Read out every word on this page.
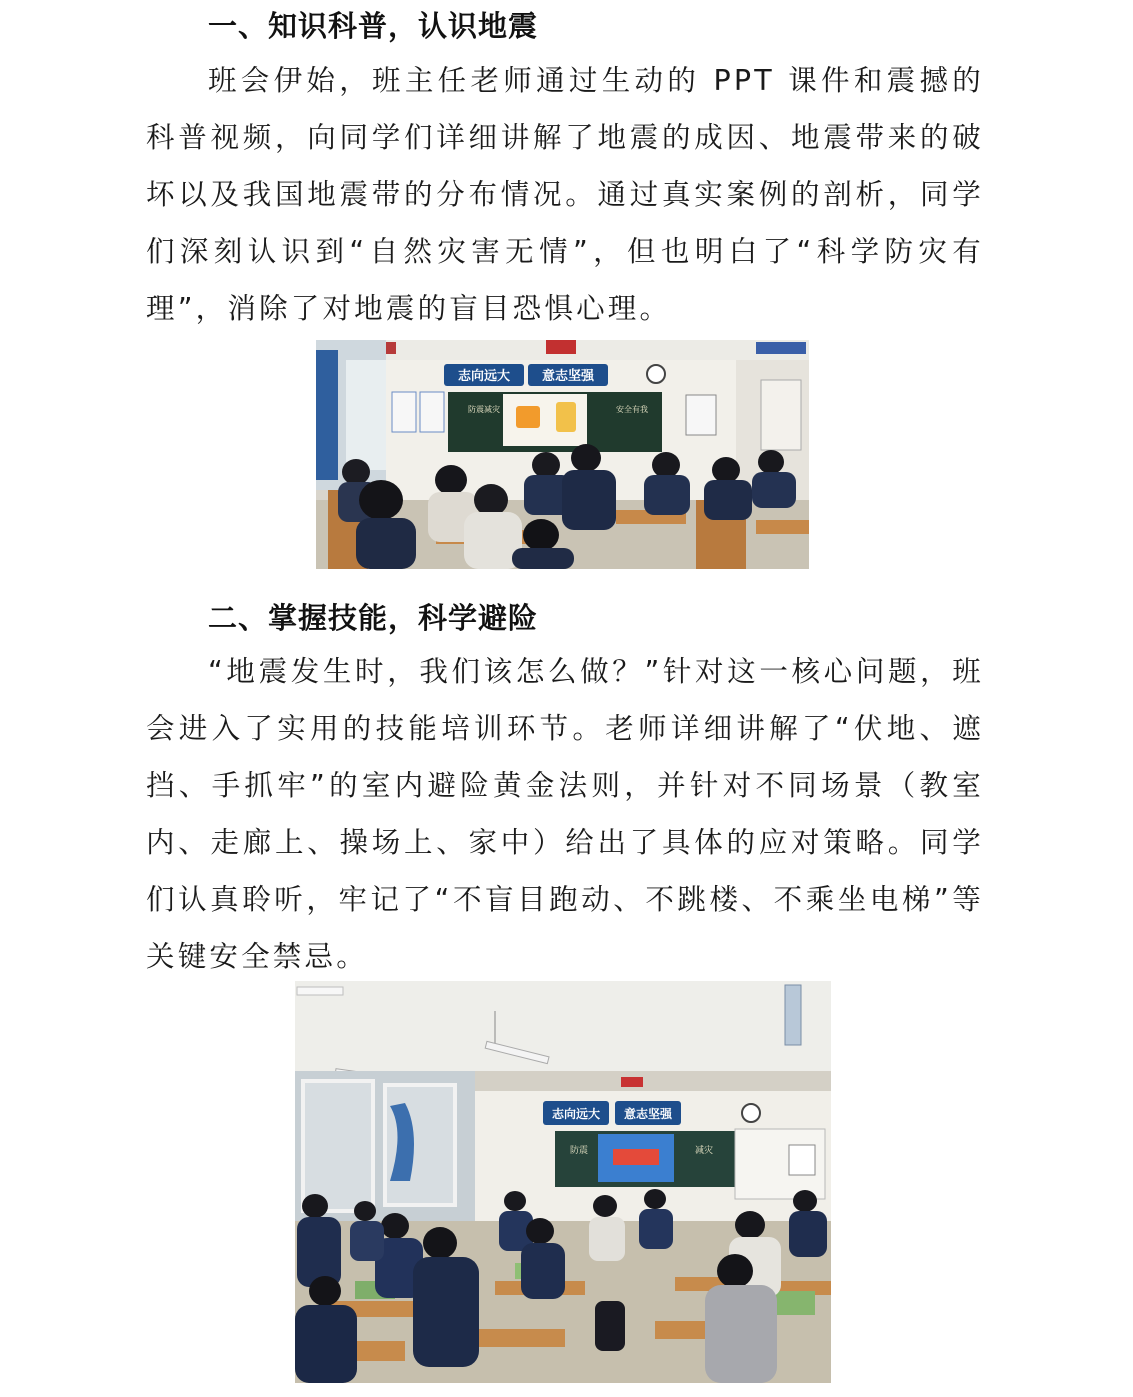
一、知识科普，认识地震

班会伊始，班主任老师通过生动的 PPT 课件和震撼的科普视频，向同学们详细讲解了地震的成因、地震带来的破坏以及我国地震带的分布情况。通过真实案例的剖析，同学们深刻认识到“自然灾害无情”，但也明白了“科学防灾有理”，消除了对地震的盲目恐惧心理。

志向远大 意志坚强
防震减灾	安全有我
二、掌握技能，科学避险

“地震发生时，我们该怎么做？”针对这一核心问题，班会进入了实用的技能培训环节。老师详细讲解了“伏地、遮挡、手抓牢”的室内避险黄金法则，并针对不同场景（教室内、走廊上、操场上、家中）给出了具体的应对策略。同学们认真聆听，牢记了“不盲目跑动、不跳楼、不乘坐电梯”等关键安全禁忌。

志向远大 意志坚强
防震	减灾
